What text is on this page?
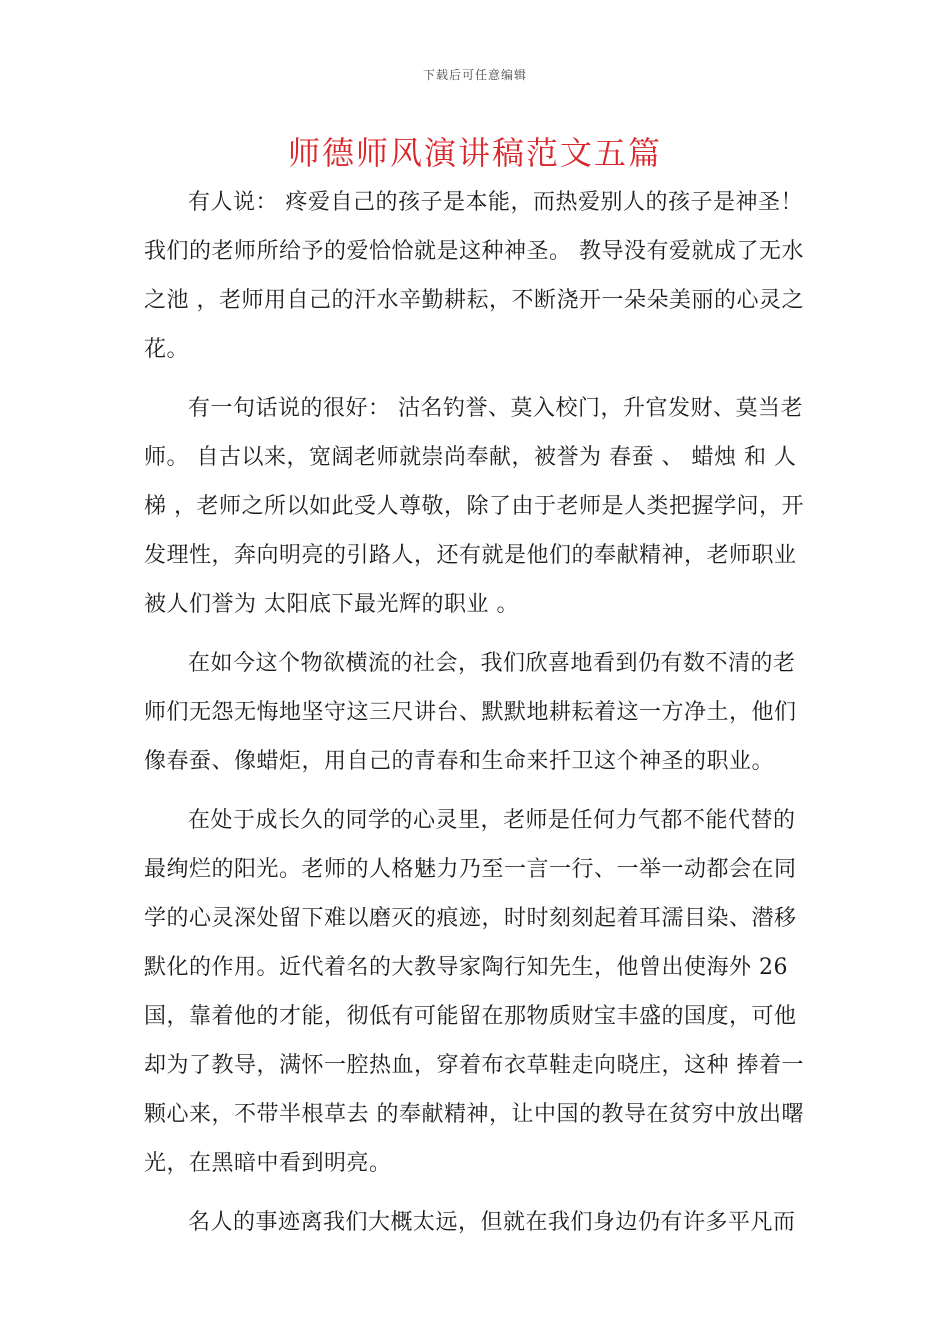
下载后可任意编辑
师德师风演讲稿范文五篇

有人说： 疼爱自己的孩子是本能，而热爱别人的孩子是神圣！我们的老师所给予的爱恰恰就是这种神圣。 教导没有爱就成了无水之池 ，老师用自己的汗水辛勤耕耘，不断浇开一朵朵美丽的心灵之花。

有一句话说的很好： 沽名钓誉、莫入校门，升官发财、莫当老师。 自古以来，宽阔老师就崇尚奉献，被誉为 春蚕 、 蜡烛 和 人梯 ，老师之所以如此受人尊敬，除了由于老师是人类把握学问，开发理性，奔向明亮的引路人，还有就是他们的奉献精神，老师职业被人们誉为 太阳底下最光辉的职业 。

在如今这个物欲横流的社会，我们欣喜地看到仍有数不清的老师们无怨无悔地坚守这三尺讲台、默默地耕耘着这一方净土，他们像春蚕、像蜡炬，用自己的青春和生命来扦卫这个神圣的职业。

在处于成长久的同学的心灵里，老师是任何力气都不能代替的最绚烂的阳光。老师的人格魅力乃至一言一行、一举一动都会在同学的心灵深处留下难以磨灭的痕迹，时时刻刻起着耳濡目染、潜移默化的作用。近代着名的大教导家陶行知先生，他曾出使海外 26 国，靠着他的才能，彻低有可能留在那物质财宝丰盛的国度，可他却为了教导，满怀一腔热血，穿着布衣草鞋走向晓庄，这种 捧着一颗心来，不带半根草去 的奉献精神，让中国的教导在贫穷中放出曙光，在黑暗中看到明亮。

名人的事迹离我们大概太远，但就在我们身边仍有许多平凡而
